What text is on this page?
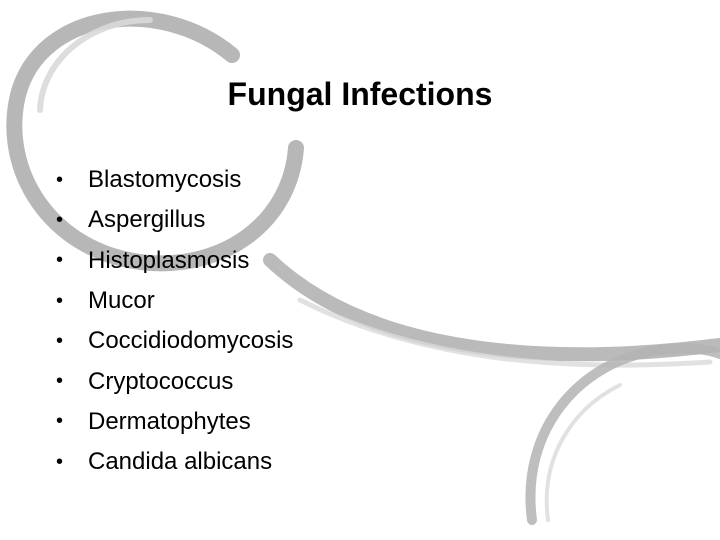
Fungal Infections
•	Blastomycosis
•	Aspergillus
•	Histoplasmosis
•	Mucor
•	Coccidiodomycosis
•	Cryptococcus
•	Dermatophytes
•	Candida albicans
